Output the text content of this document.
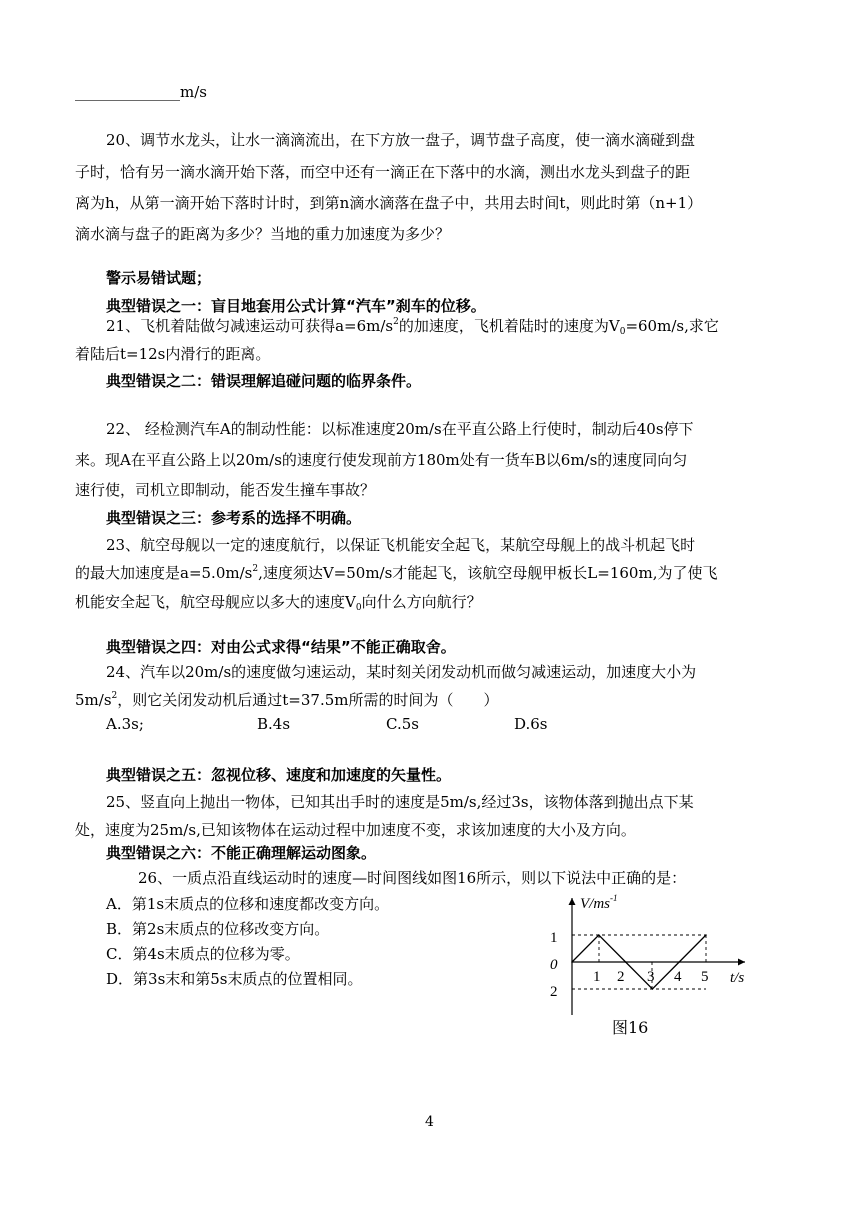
______________m/s
20、调节水龙头，让水一滴滴流出，在下方放一盘子，调节盘子高度，使一滴水滴碰到盘
子时，恰有另一滴水滴开始下落，而空中还有一滴正在下落中的水滴，测出水龙头到盘子的距
离为h，从第一滴开始下落时计时，到第n滴水滴落在盘子中，共用去时间t，则此时第（n+1）
滴水滴与盘子的距离为多少？当地的重力加速度为多少？
警示易错试题；
典型错误之一：盲目地套用公式计算“汽车”刹车的位移。
21、飞机着陆做匀减速运动可获得$a=6m/s^2$的加速度，飞机着陆时的速度为$V_0=60m/s$,求它
着陆后t=12s内滑行的距离。
典型错误之二：错误理解追碰问题的临界条件。
22、 经检测汽车A的制动性能：以标准速度20m/s在平直公路上行使时，制动后40s停下
来。现A在平直公路上以20m/s的速度行使发现前方180m处有一货车B以6m/s的速度同向匀
速行使，司机立即制动，能否发生撞车事故？
典型错误之三：参考系的选择不明确。
23、航空母舰以一定的速度航行，以保证飞机能安全起飞，某航空母舰上的战斗机起飞时
的最大加速度是$a=5.0m/s^2$,速度须达V=50m/s才能起飞，该航空母舰甲板长L=160m,为了使飞
机能安全起飞，航空母舰应以多大的速度$V_0$向什么方向航行？
典型错误之四：对由公式求得“结果”不能正确取舍。
24、汽车以20m/s的速度做匀速运动，某时刻关闭发动机而做匀减速运动，加速度大小为
$5m/s^2$，则它关闭发动机后通过t=37.5m所需的时间为（　　）
A.3s;	B.4s	C.5s	D.6s
典型错误之五：忽视位移、速度和加速度的矢量性。
25、竖直向上抛出一物体，已知其出手时的速度是5m/s,经过3s，该物体落到抛出点下某
处，速度为25m/s,已知该物体在运动过程中加速度不变，求该加速度的大小及方向。
典型错误之六：不能正确理解运动图象。
26、一质点沿直线运动时的速度—时间图线如图16所示，则以下说法中正确的是：
A．第1s末质点的位移和速度都改变方向。
B．第2s末质点的位移改变方向。
C．第4s末质点的位移为零。
D．第3s末和第5s末质点的位置相同。
$V/ms^{-1}$
1
0
2
1 2 3 4 5 t/s
图16
4
